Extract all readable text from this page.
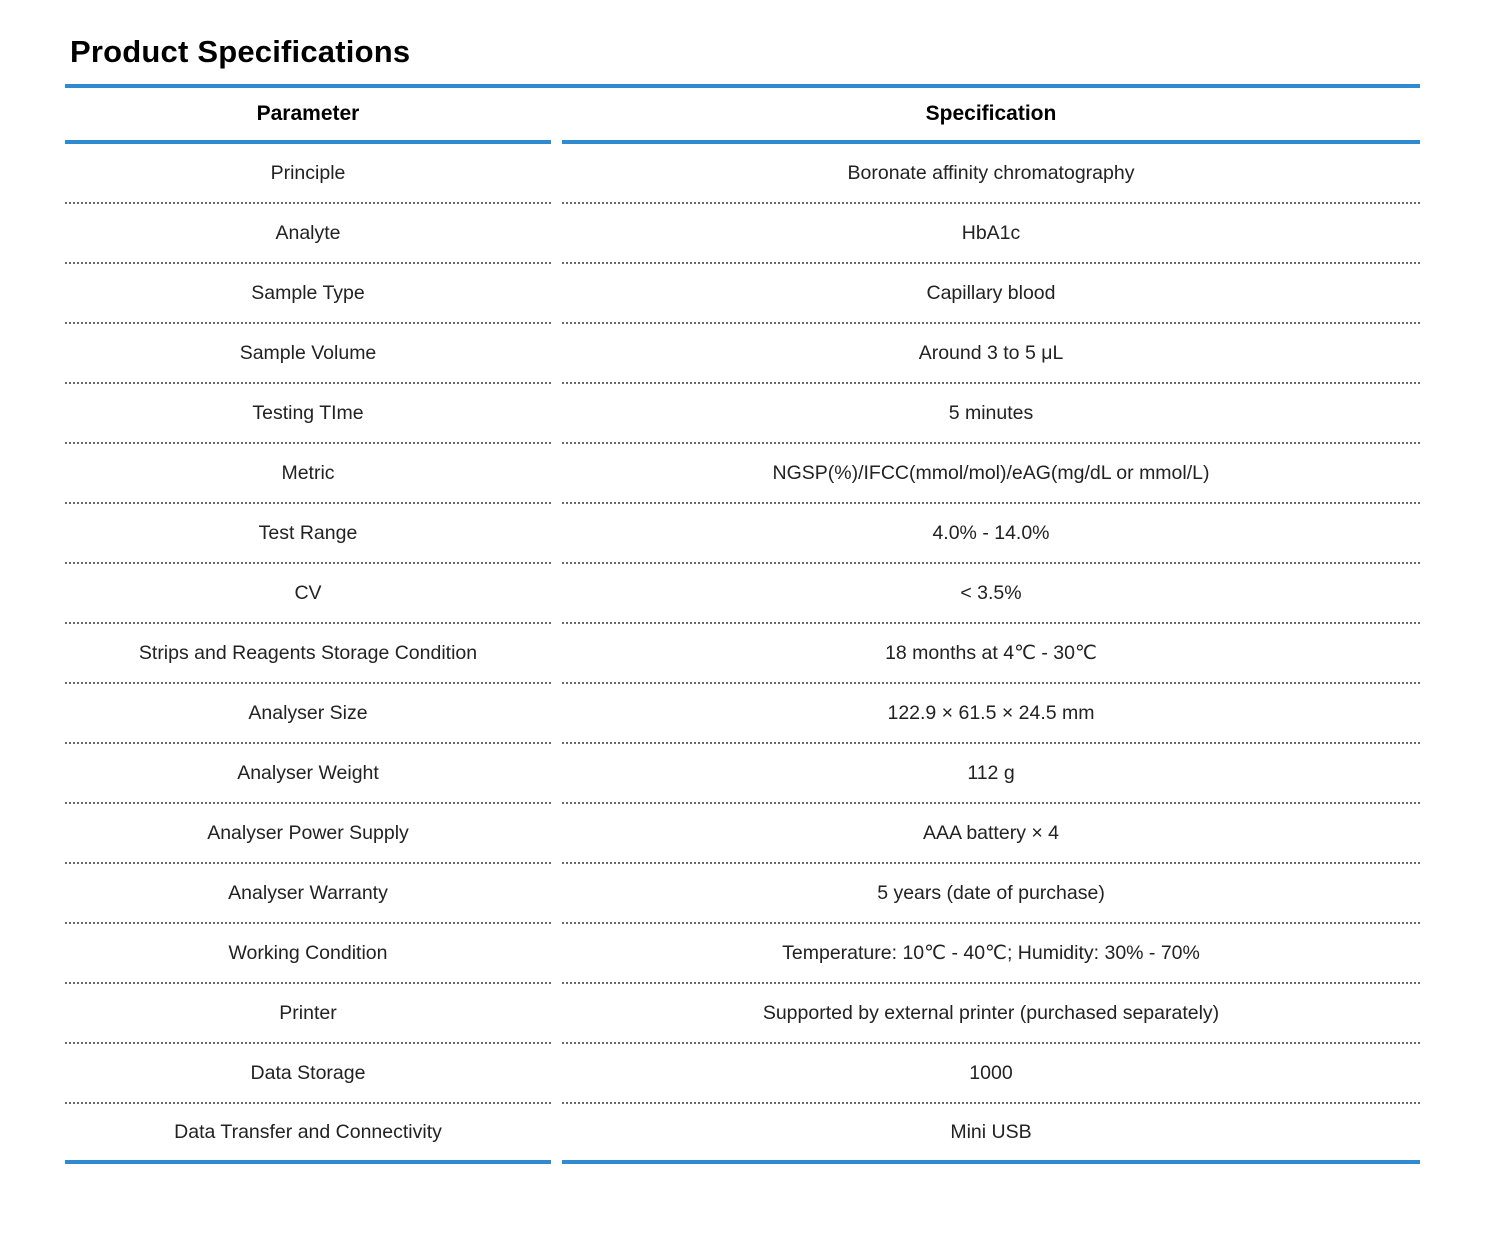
Product Specifications
Parameter	Specification
Principle	Boronate affinity chromatography
Analyte	HbA1c
Sample Type	Capillary blood
Sample Volume	Around 3 to 5 μL
Testing TIme	5 minutes
Metric	NGSP(%)/IFCC(mmol/mol)/eAG(mg/dL or mmol/L)
Test Range	4.0% - 14.0%
CV	< 3.5%
Strips and Reagents Storage Condition	18 months at 4℃ - 30℃
Analyser Size	122.9 × 61.5 × 24.5 mm
Analyser Weight	112 g
Analyser Power Supply	AAA battery × 4
Analyser Warranty	5 years (date of purchase)
Working Condition	Temperature: 10℃ - 40℃; Humidity: 30% - 70%
Printer	Supported by external printer (purchased separately)
Data Storage	1000
Data Transfer and Connectivity	Mini USB
